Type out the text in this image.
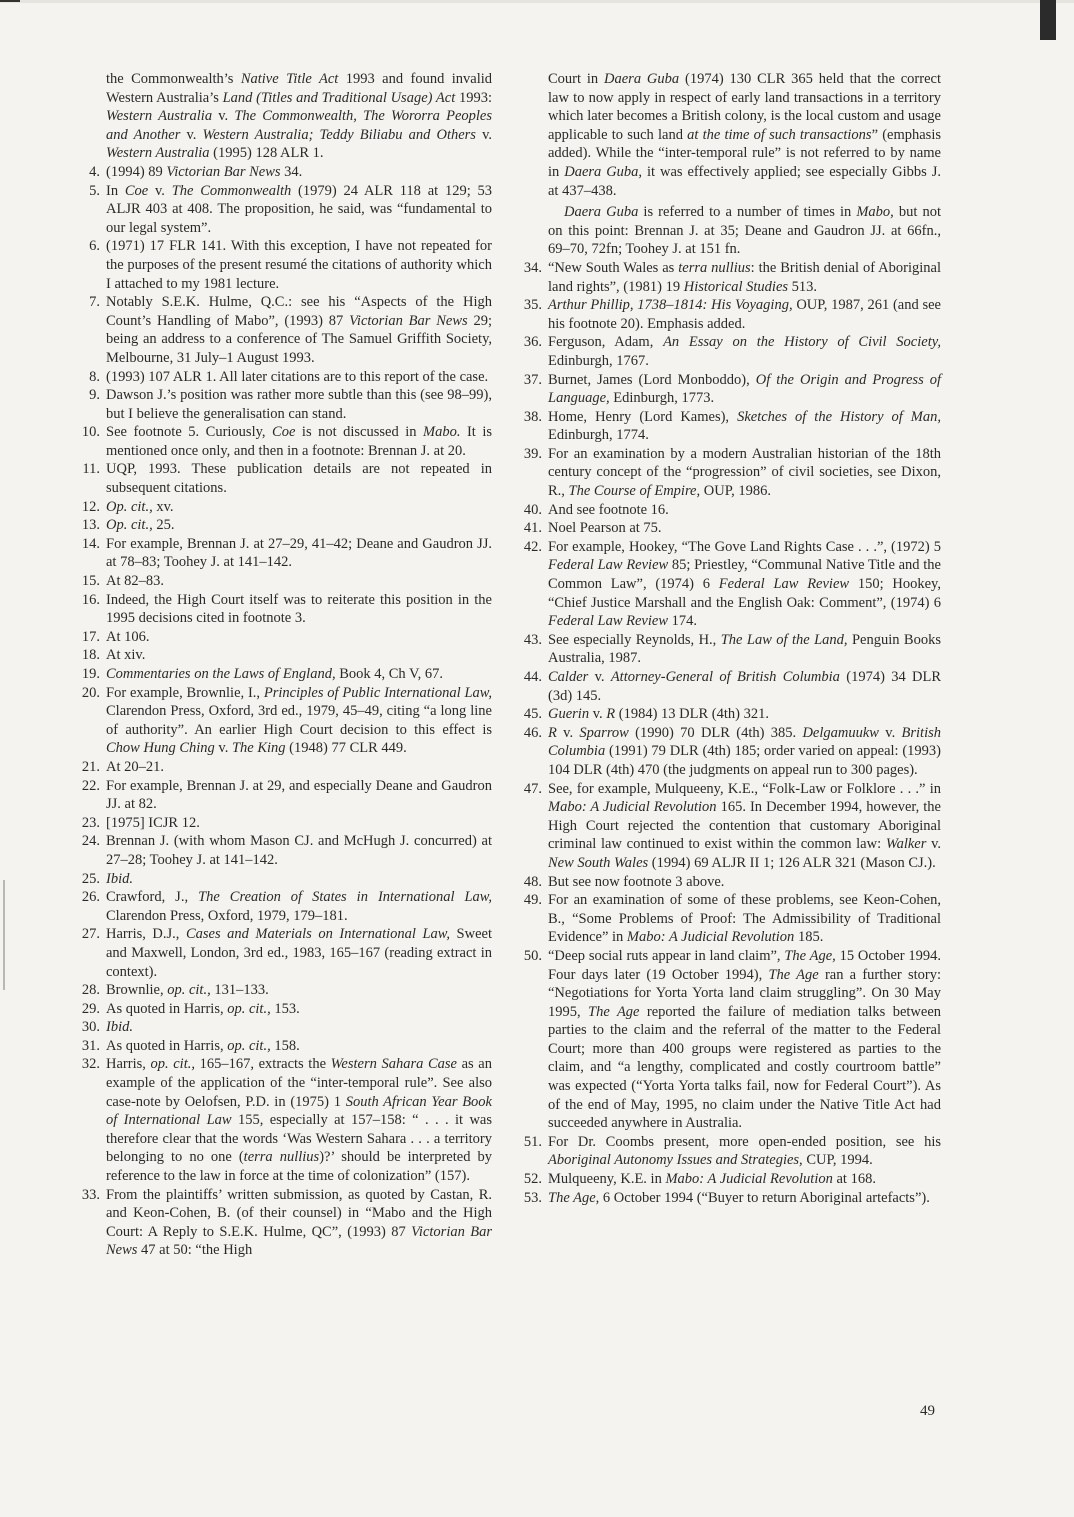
the Commonwealth’s Native Title Act 1993 and found invalid Western Australia’s Land (Titles and Traditional Usage) Act 1993: Western Australia v. The Commonwealth, The Wororra Peoples and Another v. Western Australia; Teddy Biliabu and Others v. Western Australia (1995) 128 ALR 1.
4. (1994) 89 Victorian Bar News 34.
5. In Coe v. The Commonwealth (1979) 24 ALR 118 at 129; 53 ALJR 403 at 408. The proposition, he said, was “fundamental to our legal system”.
6. (1971) 17 FLR 141. With this exception, I have not repeated for the purposes of the present resumé the citations of authority which I attached to my 1981 lecture.
7. Notably S.E.K. Hulme, Q.C.: see his “Aspects of the High Count’s Handling of Mabo”, (1993) 87 Victorian Bar News 29; being an address to a conference of The Samuel Griffith Society, Melbourne, 31 July–1 August 1993.
8. (1993) 107 ALR 1. All later citations are to this report of the case.
9. Dawson J.’s position was rather more subtle than this (see 98–99), but I believe the generalisation can stand.
10. See footnote 5. Curiously, Coe is not discussed in Mabo. It is mentioned once only, and then in a footnote: Brennan J. at 20.
11. UQP, 1993. These publication details are not repeated in subsequent citations.
12. Op. cit., xv.
13. Op. cit., 25.
14. For example, Brennan J. at 27–29, 41–42; Deane and Gaudron JJ. at 78–83; Toohey J. at 141–142.
15. At 82–83.
16. Indeed, the High Court itself was to reiterate this position in the 1995 decisions cited in footnote 3.
17. At 106.
18. At xiv.
19. Commentaries on the Laws of England, Book 4, Ch V, 67.
20. For example, Brownlie, I., Principles of Public International Law, Clarendon Press, Oxford, 3rd ed., 1979, 45–49, citing “a long line of authority”. An earlier High Court decision to this effect is Chow Hung Ching v. The King (1948) 77 CLR 449.
21. At 20–21.
22. For example, Brennan J. at 29, and especially Deane and Gaudron JJ. at 82.
23. [1975] ICJR 12.
24. Brennan J. (with whom Mason CJ. and McHugh J. concurred) at 27–28; Toohey J. at 141–142.
25. Ibid.
26. Crawford, J., The Creation of States in International Law, Clarendon Press, Oxford, 1979, 179–181.
27. Harris, D.J., Cases and Materials on International Law, Sweet and Maxwell, London, 3rd ed., 1983, 165–167 (reading extract in context).
28. Brownlie, op. cit., 131–133.
29. As quoted in Harris, op. cit., 153.
30. Ibid.
31. As quoted in Harris, op. cit., 158.
32. Harris, op. cit., 165–167, extracts the Western Sahara Case as an example of the application of the “inter-temporal rule”. See also case-note by Oelofsen, P.D. in (1975) 1 South African Year Book of International Law 155, especially at 157–158: “ . . . it was therefore clear that the words ‘Was Western Sahara . . . a territory belonging to no one (terra nullius)?’ should be interpreted by reference to the law in force at the time of colonization” (157).
33. From the plaintiffs’ written submission, as quoted by Castan, R. and Keon-Cohen, B. (of their counsel) in “Mabo and the High Court: A Reply to S.E.K. Hulme, QC”, (1993) 87 Victorian Bar News 47 at 50: “the High
Court in Daera Guba (1974) 130 CLR 365 held that the correct law to now apply in respect of early land transactions in a territory which later becomes a British colony, is the local custom and usage applicable to such land at the time of such transactions” (emphasis added). While the “inter-temporal rule” is not referred to by name in Daera Guba, it was effectively applied; see especially Gibbs J. at 437–438.
Daera Guba is referred to a number of times in Mabo, but not on this point: Brennan J. at 35; Deane and Gaudron JJ. at 66fn., 69–70, 72fn; Toohey J. at 151 fn.
34. “New South Wales as terra nullius: the British denial of Aboriginal land rights”, (1981) 19 Historical Studies 513.
35. Arthur Phillip, 1738–1814: His Voyaging, OUP, 1987, 261 (and see his footnote 20). Emphasis added.
36. Ferguson, Adam, An Essay on the History of Civil Society, Edinburgh, 1767.
37. Burnet, James (Lord Monboddo), Of the Origin and Progress of Language, Edinburgh, 1773.
38. Home, Henry (Lord Kames), Sketches of the History of Man, Edinburgh, 1774.
39. For an examination by a modern Australian historian of the 18th century concept of the “progression” of civil societies, see Dixon, R., The Course of Empire, OUP, 1986.
40. And see footnote 16.
41. Noel Pearson at 75.
42. For example, Hookey, “The Gove Land Rights Case . . .”, (1972) 5 Federal Law Review 85; Priestley, “Communal Native Title and the Common Law”, (1974) 6 Federal Law Review 150; Hookey, “Chief Justice Marshall and the English Oak: Comment”, (1974) 6 Federal Law Review 174.
43. See especially Reynolds, H., The Law of the Land, Penguin Books Australia, 1987.
44. Calder v. Attorney-General of British Columbia (1974) 34 DLR (3d) 145.
45. Guerin v. R (1984) 13 DLR (4th) 321.
46. R v. Sparrow (1990) 70 DLR (4th) 385. Delgamuukw v. British Columbia (1991) 79 DLR (4th) 185; order varied on appeal: (1993) 104 DLR (4th) 470 (the judgments on appeal run to 300 pages).
47. See, for example, Mulqueeny, K.E., “Folk-Law or Folklore . . .” in Mabo: A Judicial Revolution 165. In December 1994, however, the High Court rejected the contention that customary Aboriginal criminal law continued to exist within the common law: Walker v. New South Wales (1994) 69 ALJR II 1; 126 ALR 321 (Mason CJ.).
48. But see now footnote 3 above.
49. For an examination of some of these problems, see Keon-Cohen, B., “Some Problems of Proof: The Admissibility of Traditional Evidence” in Mabo: A Judicial Revolution 185.
50. “Deep social ruts appear in land claim”, The Age, 15 October 1994. Four days later (19 October 1994), The Age ran a further story: “Negotiations for Yorta Yorta land claim struggling”. On 30 May 1995, The Age reported the failure of mediation talks between parties to the claim and the referral of the matter to the Federal Court; more than 400 groups were registered as parties to the claim, and “a lengthy, complicated and costly courtroom battle” was expected (“Yorta Yorta talks fail, now for Federal Court”). As of the end of May, 1995, no claim under the Native Title Act had succeeded anywhere in Australia.
51. For Dr. Coombs present, more open-ended position, see his Aboriginal Autonomy Issues and Strategies, CUP, 1994.
52. Mulqueeny, K.E. in Mabo: A Judicial Revolution at 168.
53. The Age, 6 October 1994 (“Buyer to return Aboriginal artefacts”).
49
